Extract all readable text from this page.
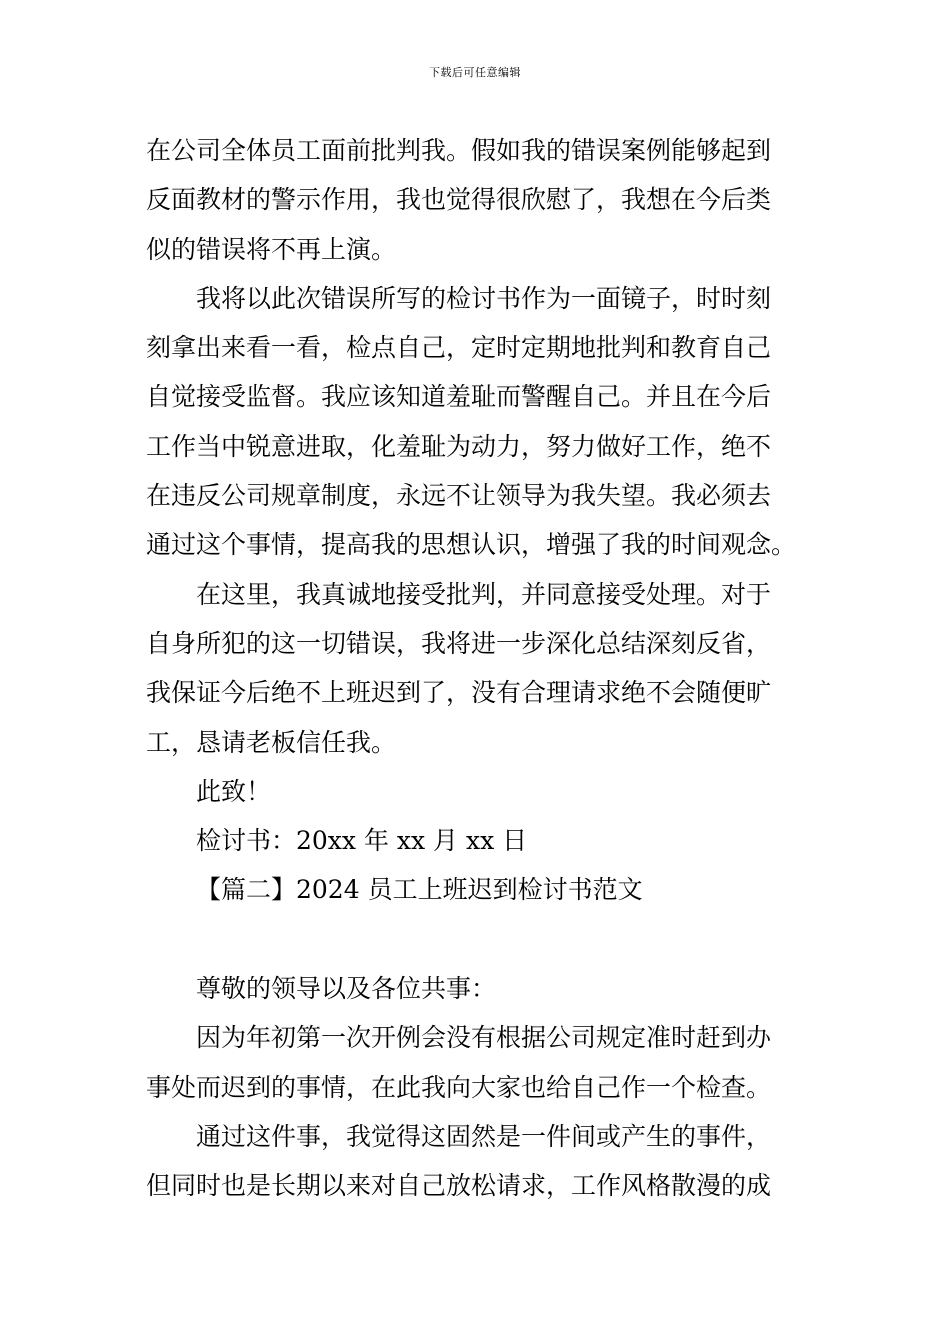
下载后可任意编辑
在公司全体员工面前批判我。假如我的错误案例能够起到
反面教材的警示作用，我也觉得很欣慰了，我想在今后类
似的错误将不再上演。
我将以此次错误所写的检讨书作为一面镜子，时时刻
刻拿出来看一看，检点自己，定时定期地批判和教育自己
自觉接受监督。我应该知道羞耻而警醒自己。并且在今后
工作当中锐意进取，化羞耻为动力，努力做好工作，绝不
在违反公司规章制度，永远不让领导为我失望。我必须去
通过这个事情，提高我的思想认识，增强了我的时间观念。
在这里，我真诚地接受批判，并同意接受处理。对于
自身所犯的这一切错误，我将进一步深化总结深刻反省，
我保证今后绝不上班迟到了，没有合理请求绝不会随便旷
工，恳请老板信任我。
此致！
检讨书：20xx 年 xx 月 xx 日
【篇二】2024 员工上班迟到检讨书范文
尊敬的领导以及各位共事：
因为年初第一次开例会没有根据公司规定准时赶到办
事处而迟到的事情，在此我向大家也给自己作一个检查。
通过这件事，我觉得这固然是一件间或产生的事件，
但同时也是长期以来对自己放松请求，工作风格散漫的成
